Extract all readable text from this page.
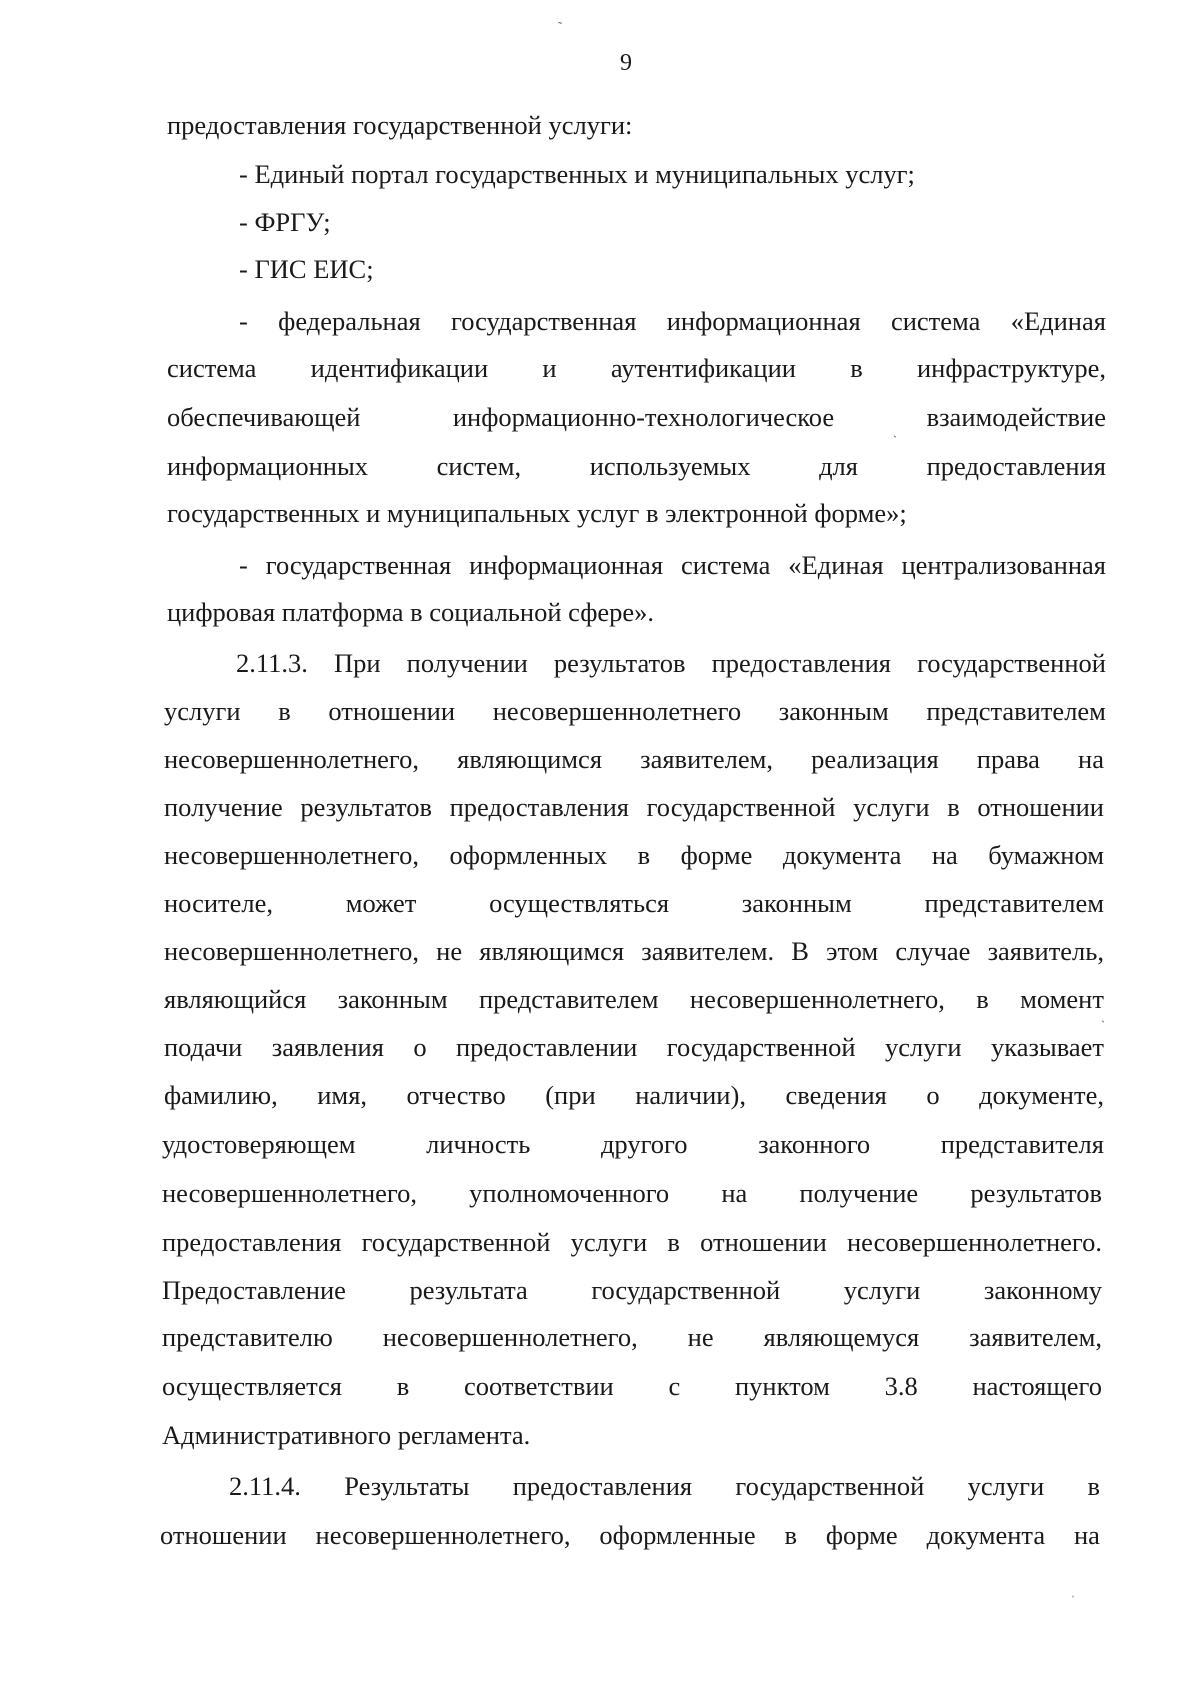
9

предоставления государственной услуги:

- Единый портал государственных и муниципальных услуг;

- ФРГУ;

- ГИС ЕИС;

- федеральная государственная информационная система «Единая

система идентификации и аутентификации в инфраструктуре,

обеспечивающей	информационно-технологическое	взаимодействие

информационных	систем,	используемых	для	предоставления

государственных и муниципальных услуг в электронной форме»;

- государственная информационная система «Единая централизованная

цифровая платформа в социальной сфере».

2.11.3. При получении результатов предоставления государственной

услуги в отношении несовершеннолетнего законным представителем

несовершеннолетнего, являющимся заявителем, реализация права на

получение результатов предоставления государственной услуги в отношении

несовершеннолетнего, оформленных в форме документа на бумажном

носителе,	может	осуществляться	законным	представителем

несовершеннолетнего, не являющимся заявителем. В этом случае заявитель,

являющийся законным представителем несовершеннолетнего, в момент

подачи заявления о предоставлении государственной услуги указывает

фамилию, имя, отчество (при наличии), сведения о документе,

удостоверяющем	личность	другого	законного	представителя

несовершеннолетнего, уполномоченного на получение результатов

предоставления государственной услуги в отношении несовершеннолетнего.

Предоставление результата государственной услуги законному

представителю несовершеннолетнего, не являющемуся заявителем,

осуществляется в соответствии с пунктом 3.8 настоящего

Административного регламента.

2.11.4. Результаты предоставления государственной услуги в

отношении несовершеннолетнего, оформленные в форме документа на

˜
ˎ
ˎ
ˌ
